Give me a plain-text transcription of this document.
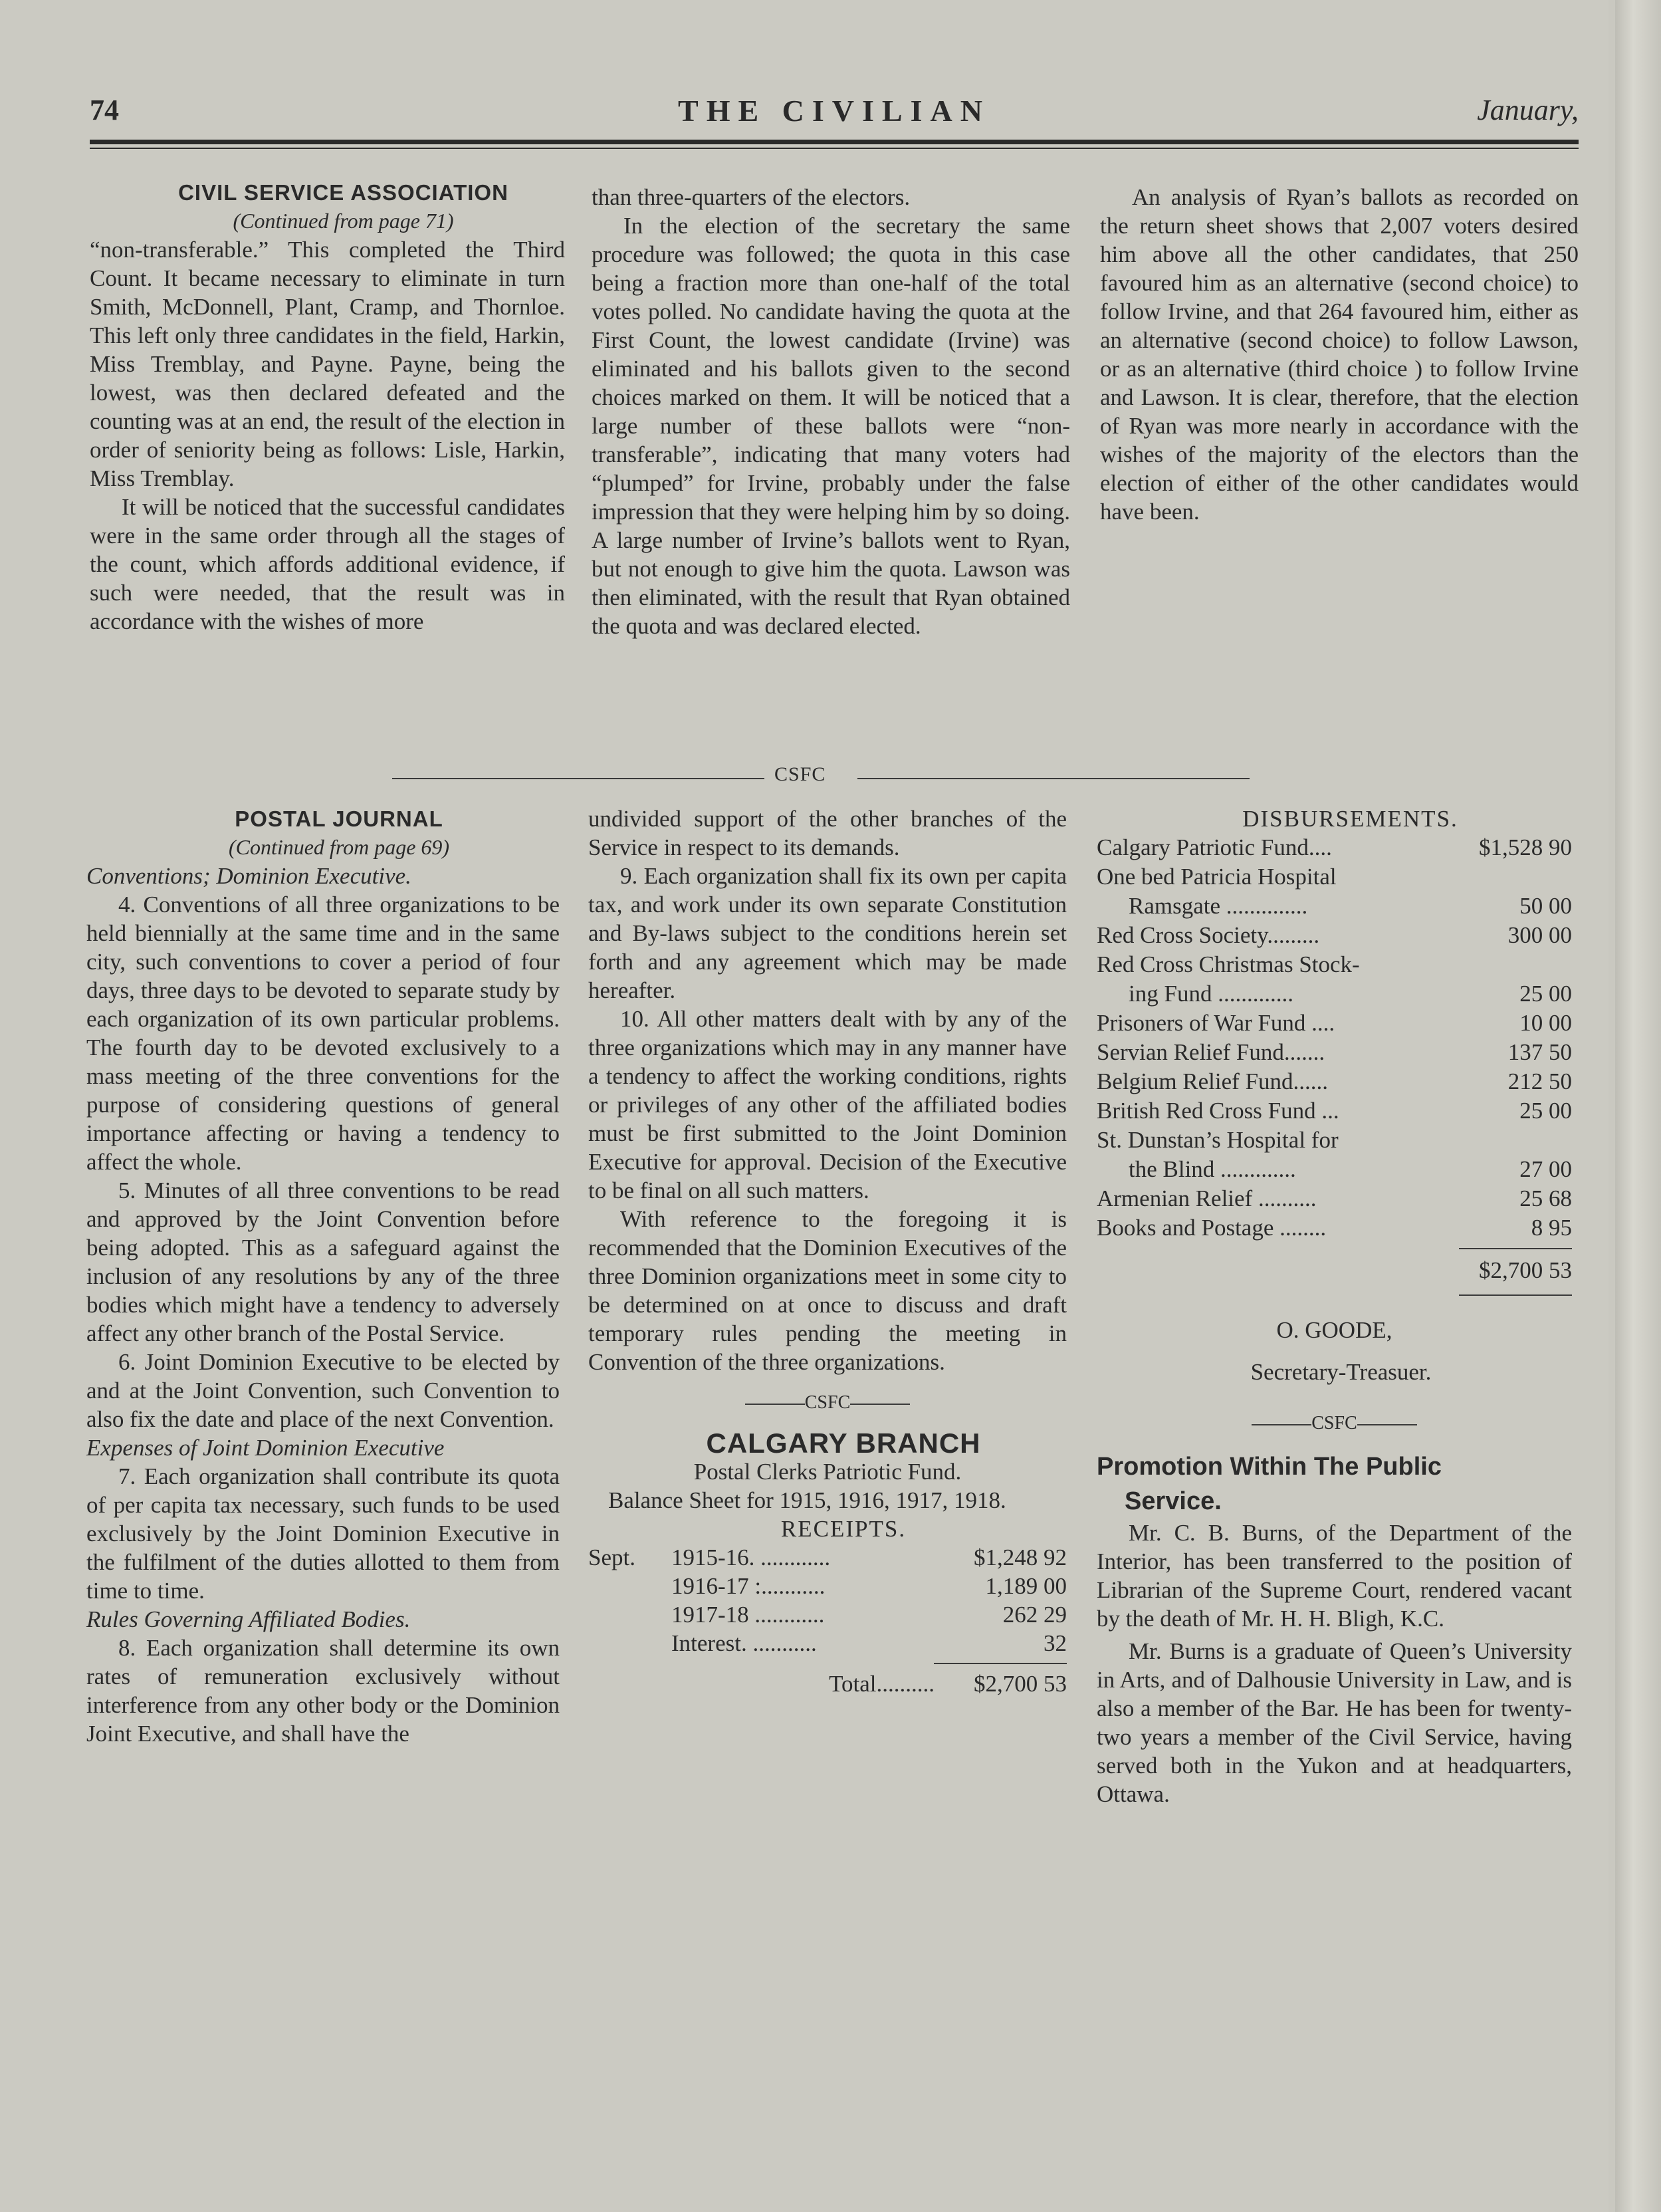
74	THE CIVILIAN	January,

CIVIL SERVICE ASSOCIATION

(Continued from page 71)

“non-transferable.” This completed the Third Count. It became necessary to eliminate in turn Smith, McDonnell, Plant, Cramp, and Thornloe. This left only three candidates in the field, Harkin, Miss Tremblay, and Payne. Payne, being the lowest, was then declared defeated and the counting was at an end, the result of the election in order of seniority being as follows: Lisle, Harkin, Miss Tremblay.

It will be noticed that the successful candidates were in the same order through all the stages of the count, which affords additional evidence, if such were needed, that the result was in accordance with the wishes of more

than three-quarters of the electors.

In the election of the secretary the same procedure was followed; the quota in this case being a fraction more than one-half of the total votes polled. No candidate having the quota at the First Count, the lowest candidate (Irvine) was eliminated and his ballots given to the second choices marked on them. It will be noticed that a large number of these ballots were “non-transferable”, indicating that many voters had “plumped” for Irvine, probably under the false impression that they were helping him by so doing. A large number of Irvine’s ballots went to Ryan, but not enough to give him the quota. Lawson was then eliminated, with the result that Ryan obtained the quota and was declared elected.

An analysis of Ryan’s ballots as recorded on the return sheet shows that 2,007 voters desired him above all the other candidates, that 250 favoured him as an alternative (second choice) to follow Irvine, and that 264 favoured him, either as an alternative (second choice) to follow Lawson, or as an alternative (third choice ) to follow Irvine and Lawson. It is clear, therefore, that the election of Ryan was more nearly in accordance with the wishes of the majority of the electors than the election of either of the other candidates would have been.

CSFC

POSTAL JOURNAL

(Continued from page 69)

Conventions; Dominion Executive.

4. Conventions of all three organizations to be held biennially at the same time and in the same city, such conventions to cover a period of four days, three days to be devoted to separate study by each organization of its own particular problems. The fourth day to be devoted exclusively to a mass meeting of the three conventions for the purpose of considering questions of general importance affecting or having a tendency to affect the whole.

5. Minutes of all three conventions to be read and approved by the Joint Convention before being adopted. This as a safeguard against the inclusion of any resolutions by any of the three bodies which might have a tendency to adversely affect any other branch of the Postal Service.

6. Joint Dominion Executive to be elected by and at the Joint Convention, such Convention to also fix the date and place of the next Convention.

Expenses of Joint Dominion Executive

7. Each organization shall contribute its quota of per capita tax necessary, such funds to be used exclusively by the Joint Dominion Executive in the fulfilment of the duties allotted to them from time to time.

Rules Governing Affiliated Bodies.

8. Each organization shall determine its own rates of remuneration exclusively without interference from any other body or the Dominion Joint Executive, and shall have the

undivided support of the other branches of the Service in respect to its demands.

9. Each organization shall fix its own per capita tax, and work under its own separate Constitution and By-laws subject to the conditions herein set forth and any agreement which may be made hereafter.

10. All other matters dealt with by any of the three organizations which may in any manner have a tendency to affect the working conditions, rights or privileges of any other of the affiliated bodies must be first submitted to the Joint Dominion Executive for approval. Decision of the Executive to be final on all such matters.

With reference to the foregoing it is recommended that the Dominion Executives of the three Dominion organizations meet in some city to be determined on at once to discuss and draft temporary rules pending the meeting in Convention of the three organizations.

CSFC

CALGARY BRANCH

Postal Clerks Patriotic Fund.

Balance Sheet for 1915, 1916, 1917, 1918.

RECEIPTS.

Sept.	1915-16. ............	$1,248 92
1916-17 :...........	1,189 00
1917-18 ............	262 29
Interest. ...........	32
Total..........	$2,700 53

DISBURSEMENTS.

Calgary Patriotic Fund....	$1,528 90
One bed Patricia Hospital
Ramsgate ..............	50 00
Red Cross Society.........	300 00
Red Cross Christmas Stock-
ing Fund .............	25 00
Prisoners of War Fund ....	10 00
Servian Relief Fund.......	137 50
Belgium Relief Fund......	212 50
British Red Cross Fund ...	25 00
St. Dunstan’s Hospital for
the Blind .............	27 00
Armenian Relief ..........	25 68
Books and Postage ........	8 95
$2,700 53

O. GOODE,

Secretary-Treasuer.

CSFC

Promotion Within The Public
Service.

Mr. C. B. Burns, of the Department of the Interior, has been transferred to the position of Librarian of the Supreme Court, rendered vacant by the death of Mr. H. H. Bligh, K.C.

Mr. Burns is a graduate of Queen’s University in Arts, and of Dalhousie University in Law, and is also a member of the Bar. He has been for twenty-two years a member of the Civil Service, having served both in the Yukon and at headquarters, Ottawa.
